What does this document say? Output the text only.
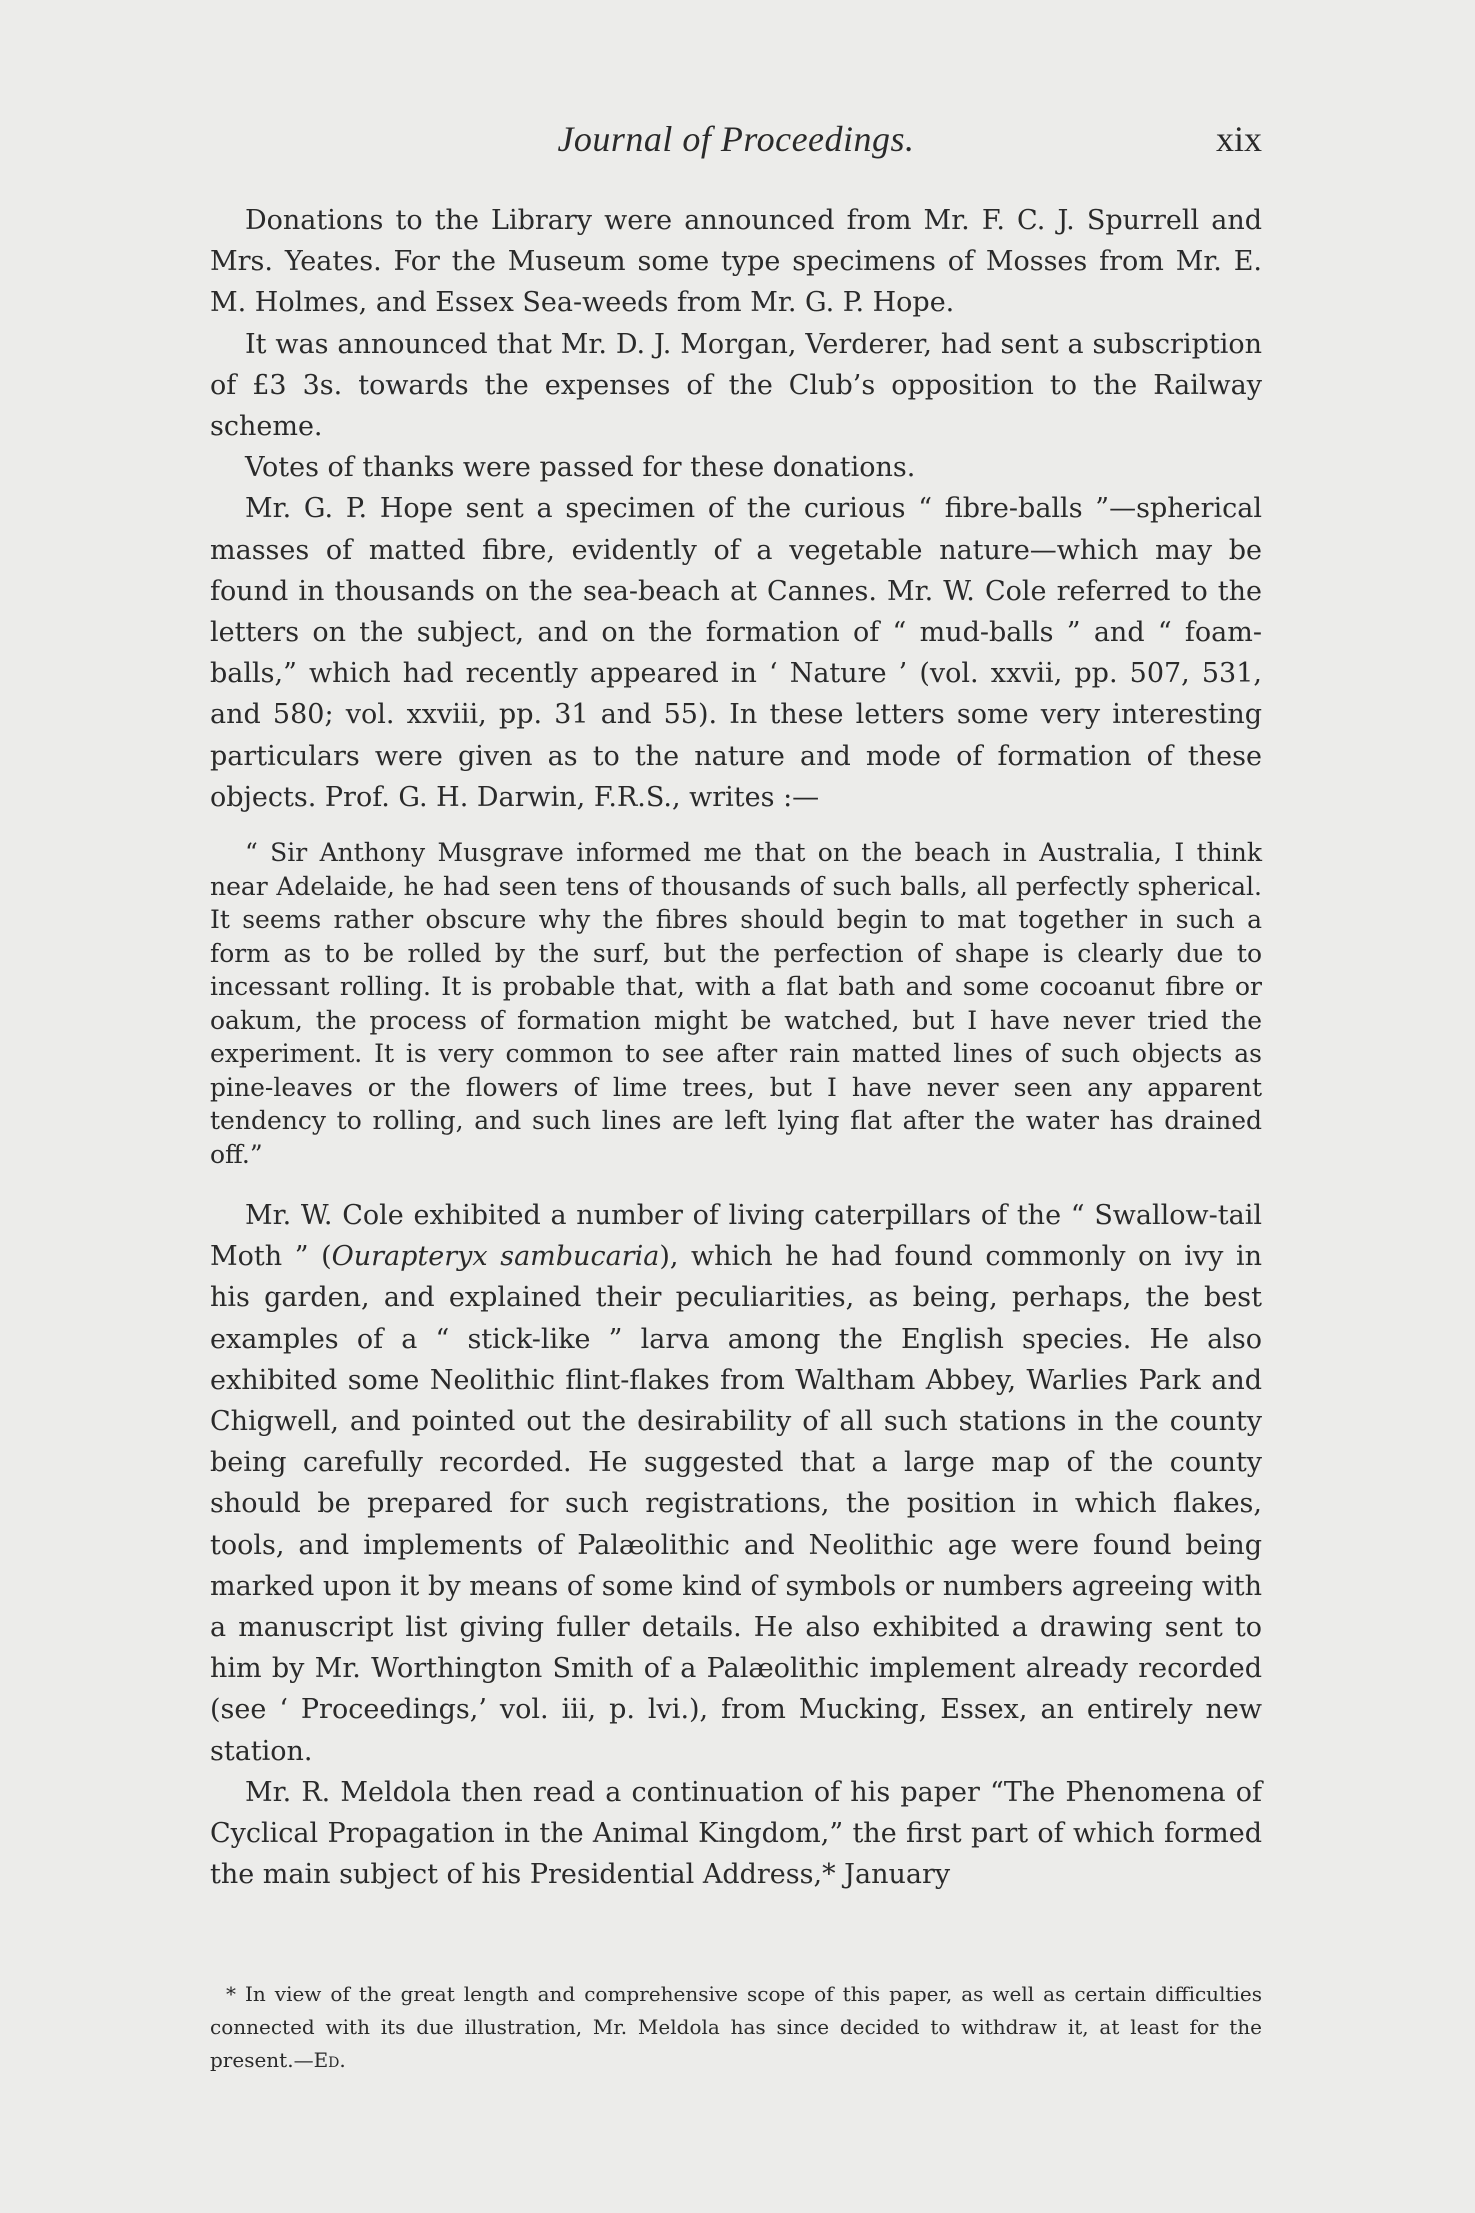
Journal of Proceedings.	xix

Donations to the Library were announced from Mr. F. C. J. Spurrell and Mrs. Yeates. For the Museum some type specimens of Mosses from Mr. E. M. Holmes, and Essex Sea-weeds from Mr. G. P. Hope.

It was announced that Mr. D. J. Morgan, Verderer, had sent a subscription of £3 3s. towards the expenses of the Club’s opposition to the Railway scheme.

Votes of thanks were passed for these donations.

Mr. G. P. Hope sent a specimen of the curious “ fibre-balls ”—spherical masses of matted fibre, evidently of a vegetable nature—which may be found in thousands on the sea-beach at Cannes. Mr. W. Cole referred to the letters on the subject, and on the formation of “ mud-balls ” and “ foam-balls,” which had recently appeared in ‘ Nature ’ (vol. xxvii, pp. 507, 531, and 580; vol. xxviii, pp. 31 and 55). In these letters some very interesting particulars were given as to the nature and mode of formation of these objects. Prof. G. H. Darwin, F.R.S., writes :—

“ Sir Anthony Musgrave informed me that on the beach in Australia, I think near Adelaide, he had seen tens of thousands of such balls, all perfectly spherical. It seems rather obscure why the fibres should begin to mat together in such a form as to be rolled by the surf, but the perfection of shape is clearly due to incessant rolling. It is probable that, with a flat bath and some cocoanut fibre or oakum, the process of formation might be watched, but I have never tried the experiment. It is very common to see after rain matted lines of such objects as pine-leaves or the flowers of lime trees, but I have never seen any apparent tendency to rolling, and such lines are left lying flat after the water has drained off.”

Mr. W. Cole exhibited a number of living caterpillars of the “ Swallow-tail Moth ” (Ourapteryx sambucaria), which he had found commonly on ivy in his garden, and explained their peculiarities, as being, perhaps, the best examples of a “ stick-like ” larva among the English species. He also exhibited some Neolithic flint-flakes from Waltham Abbey, Warlies Park and Chigwell, and pointed out the desirability of all such stations in the county being carefully recorded. He suggested that a large map of the county should be prepared for such registrations, the position in which flakes, tools, and implements of Palæolithic and Neolithic age were found being marked upon it by means of some kind of symbols or numbers agreeing with a manuscript list giving fuller details. He also exhibited a drawing sent to him by Mr. Worthington Smith of a Palæolithic implement already recorded (see ‘ Proceedings,’ vol. iii, p. lvi.), from Mucking, Essex, an entirely new station.

Mr. R. Meldola then read a continuation of his paper “The Phenomena of Cyclical Propagation in the Animal Kingdom,” the first part of which formed the main subject of his Presidential Address,* January

* In view of the great length and comprehensive scope of this paper, as well as certain difficulties connected with its due illustration, Mr. Meldola has since decided to withdraw it, at least for the present.—Ed.
